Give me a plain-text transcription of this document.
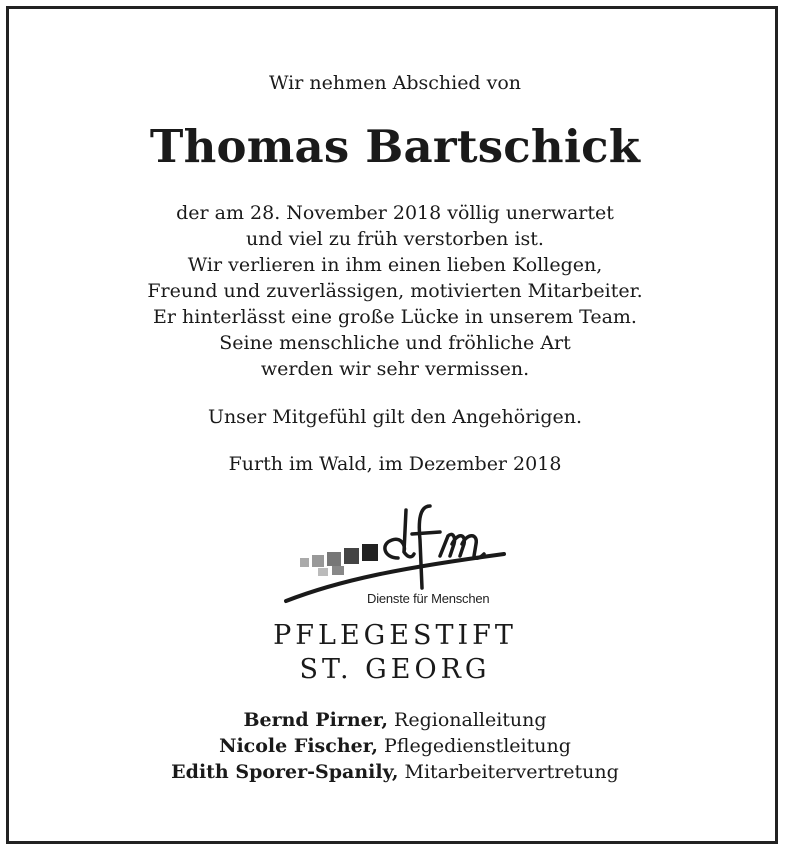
Wir nehmen Abschied von
Thomas Bartschick
der am 28. November 2018 völlig unerwartet
und viel zu früh verstorben ist.
Wir verlieren in ihm einen lieben Kollegen,
Freund und zuverlässigen, motivierten Mitarbeiter.
Er hinterlässt eine große Lücke in unserem Team.
Seine menschliche und fröhliche Art
werden wir sehr vermissen.
Unser Mitgefühl gilt den Angehörigen.
Furth im Wald, im Dezember 2018
Dienste für Menschen
PFLEGESTIFT
ST. GEORG
Bernd Pirner, Regionalleitung
Nicole Fischer, Pflegedienstleitung
Edith Sporer-Spanily, Mitarbeitervertretung
